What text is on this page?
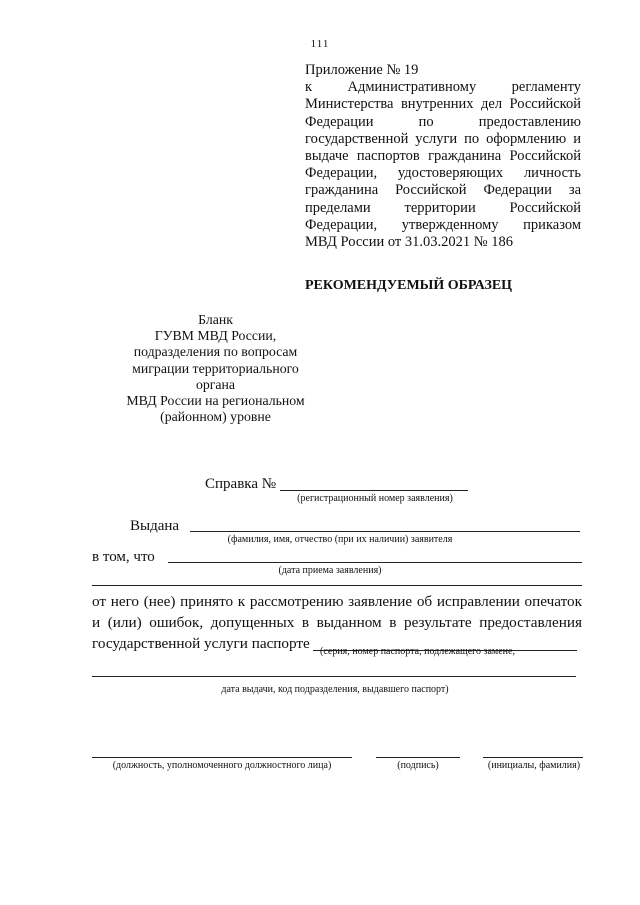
111
Приложение № 19
к Административному регламенту
Министерства внутренних дел Российской
Федерации по предоставлению
государственной услуги по оформлению и
выдаче паспортов гражданина Российской
Федерации, удостоверяющих личность
гражданина Российской Федерации за
пределами территории Российской
Федерации, утвержденному приказом
МВД России от 31.03.2021 № 186
РЕКОМЕНДУЕМЫЙ ОБРАЗЕЦ
Бланк
ГУВМ МВД России,
подразделения по вопросам
миграции территориального органа
МВД России на региональном
(районном) уровне
Справка №
(регистрационный номер заявления)
Выдана
(фамилия, имя, отчество (при их наличии) заявителя
в том, что
(дата приема заявления)
от него (нее) принято к рассмотрению заявление об исправлении опечаток
и (или) ошибок, допущенных в выданном в результате предоставления
государственной услуги паспорте	(серия, номер паспорта, подлежащего замене,
дата выдачи, код подразделения, выдавшего паспорт)
(должность, уполномоченного должностного лица)	(подпись)	(инициалы, фамилия)
